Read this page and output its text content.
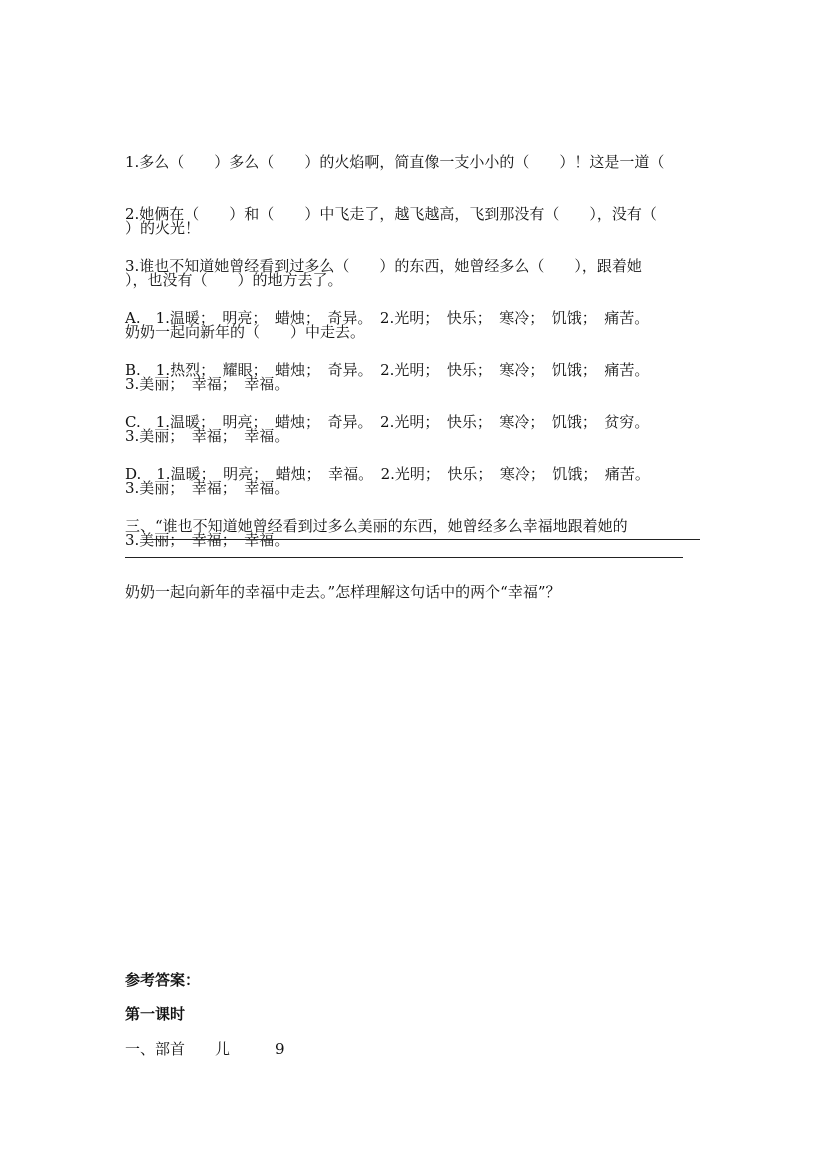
1.多么（　　）多么（　　）的火焰啊，简直像一支小小的（　　）！这是一道（

）的火光！

2.她俩在（　　）和（　　）中飞走了，越飞越高，飞到那没有（　　），没有（

），也没有（　　）的地方去了。

3.谁也不知道她曾经看到过多么（　　）的东西，她曾经多么（　　），跟着她

奶奶一起向新年的（　　）中走去。

A.　1.温暖；　明亮；　蜡烛；　奇异。　2.光明；　快乐；　寒冷；　饥饿；　痛苦。

3.美丽；　幸福；　幸福。

B.　1.热烈；　耀眼；　蜡烛；　奇异。　2.光明；　快乐；　寒冷；　饥饿；　痛苦。

3.美丽；　幸福；　幸福。

C.　1.温暖；　明亮；　蜡烛；　奇异。　2.光明；　快乐；　寒冷；　饥饿；　贫穷。

3.美丽；　幸福；　幸福。

D.　1.温暖；　明亮；　蜡烛；　幸福。　2.光明；　快乐；　寒冷；　饥饿；　痛苦。

3.美丽；　幸福；　幸福。

三、“谁也不知道她曾经看到过多么美丽的东西，她曾经多么幸福地跟着她的

奶奶一起向新年的幸福中走去。”怎样理解这句话中的两个“幸福”？

参考答案：

第一课时

一、部首　　儿　　　9
